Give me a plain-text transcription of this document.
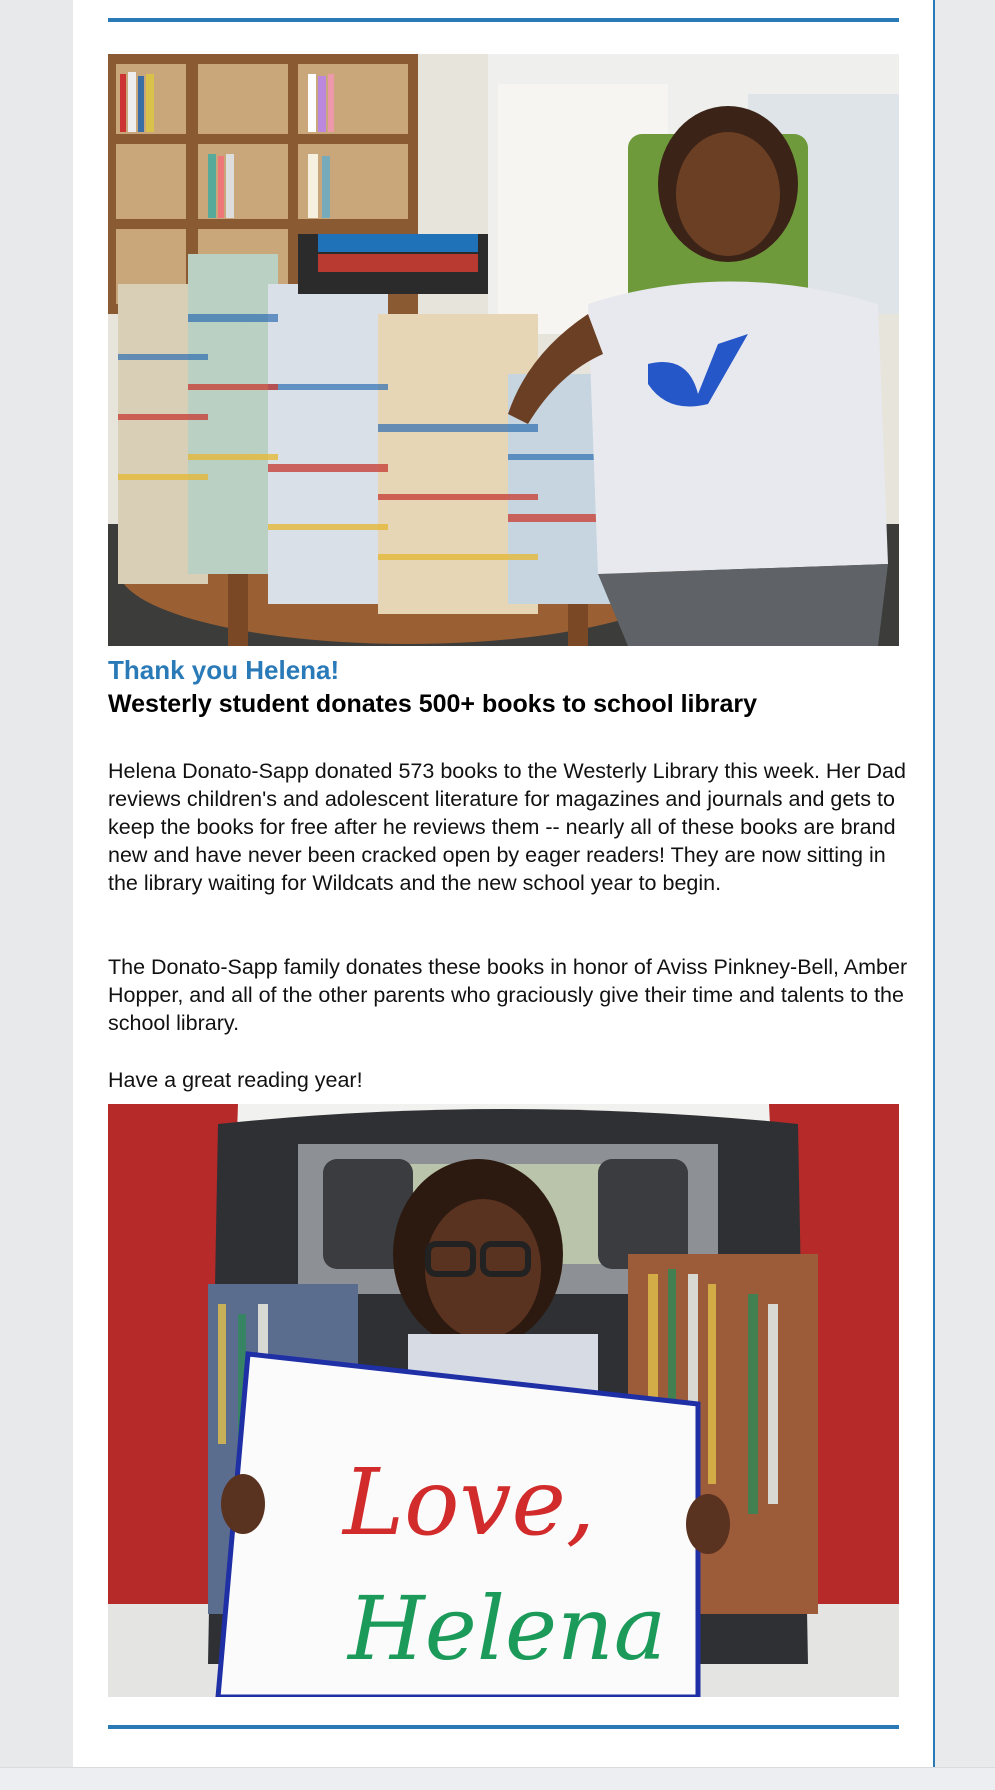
Thank you Helena!
Westerly student donates 500+ books to school library

Helena Donato-Sapp donated 573 books to the Westerly Library this week. Her Dad reviews children's and adolescent literature for magazines and journals and gets to keep the books for free after he reviews them -- nearly all of these books are brand new and have never been cracked open by eager readers! They are now sitting in the library waiting for Wildcats and the new school year to begin.

The Donato-Sapp family donates these books in honor of Aviss Pinkney-Bell, Amber Hopper, and all of the other parents who graciously give their time and talents to the school library.

Have a great reading year!

Love,
Helena
